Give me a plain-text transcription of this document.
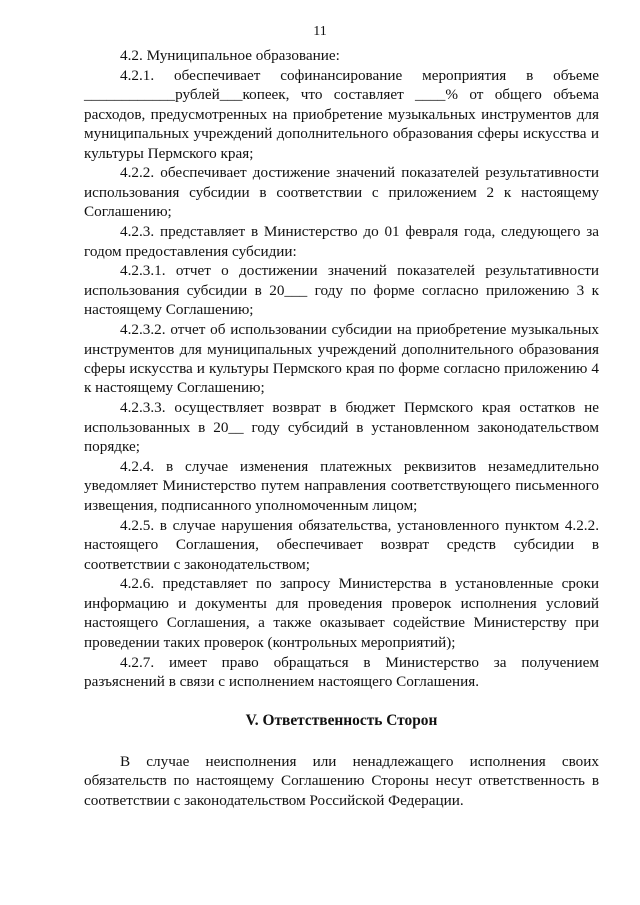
11

4.2. Муниципальное образование:

4.2.1. обеспечивает софинансирование мероприятия в объеме ____________рублей___копеек, что составляет ____% от общего объема расходов, предусмотренных на приобретение музыкальных инструментов для муниципальных учреждений дополнительного образования сферы искусства и культуры Пермского края;

4.2.2. обеспечивает достижение значений показателей результативности использования субсидии в соответствии с приложением 2 к настоящему Соглашению;

4.2.3. представляет в Министерство до 01 февраля года, следующего за годом предоставления субсидии:

4.2.3.1. отчет о достижении значений показателей результативности использования субсидии в 20___ году по форме согласно приложению 3 к настоящему Соглашению;

4.2.3.2. отчет об использовании субсидии на приобретение музыкальных инструментов для муниципальных учреждений дополнительного образования сферы искусства и культуры Пермского края по форме согласно приложению 4 к настоящему Соглашению;

4.2.3.3. осуществляет возврат в бюджет Пермского края остатков не использованных в 20__ году субсидий в установленном законодательством порядке;

4.2.4. в случае изменения платежных реквизитов незамедлительно уведомляет Министерство путем направления соответствующего письменного извещения, подписанного уполномоченным лицом;

4.2.5. в случае нарушения обязательства, установленного пунктом 4.2.2. настоящего Соглашения, обеспечивает возврат средств субсидии в соответствии с законодательством;

4.2.6. представляет по запросу Министерства в установленные сроки информацию и документы для проведения проверок исполнения условий настоящего Соглашения, а также оказывает содействие Министерству при проведении таких проверок (контрольных мероприятий);

4.2.7. имеет право обращаться в Министерство за получением разъяснений в связи с исполнением настоящего Соглашения.

V. Ответственность Сторон

В случае неисполнения или ненадлежащего исполнения своих обязательств по настоящему Соглашению Стороны несут ответственность в соответствии с законодательством Российской Федерации.
